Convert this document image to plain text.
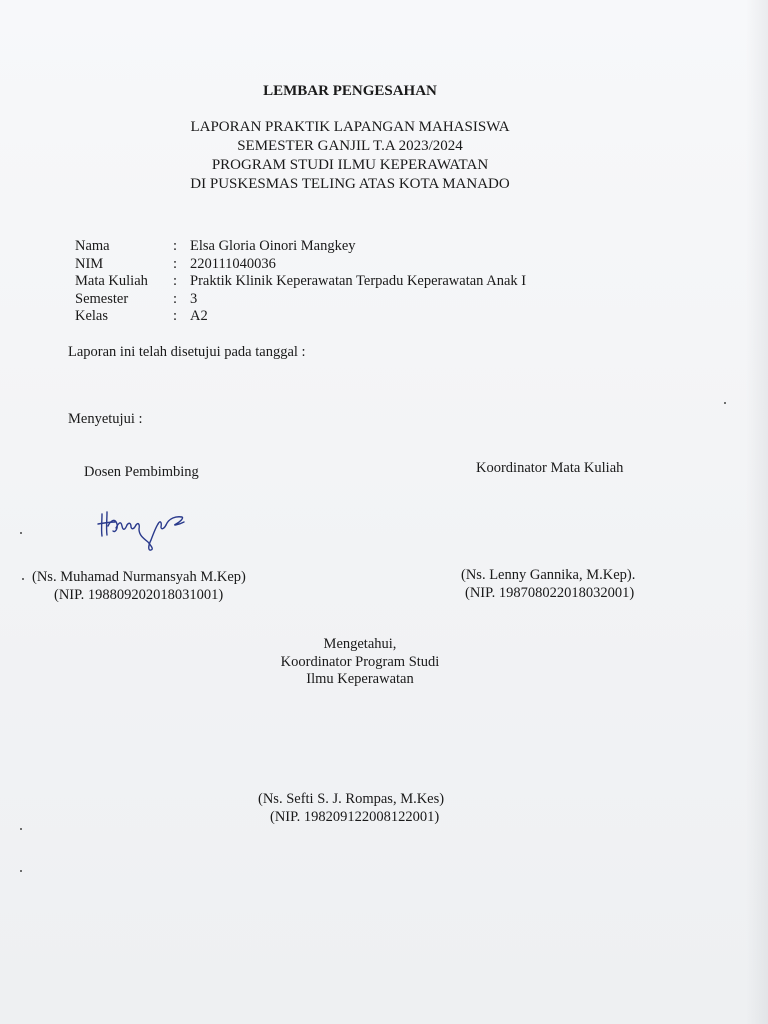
LEMBAR PENGESAHAN
LAPORAN PRAKTIK LAPANGAN MAHASISWA
SEMESTER GANJIL T.A 2023/2024
PROGRAM STUDI ILMU KEPERAWATAN
DI PUSKESMAS TELING ATAS KOTA MANADO
Nama	: Elsa Gloria Oinori Mangkey
NIM	: 220111040036
Mata Kuliah	: Praktik Klinik Keperawatan Terpadu Keperawatan Anak I
Semester	: 3
Kelas	: A2
Laporan ini telah disetujui pada tanggal :
Menyetujui :
Dosen Pembimbing	Koordinator Mata Kuliah
(Ns. Muhamad Nurmansyah M.Kep)
(NIP. 198809202018031001)
(Ns. Lenny Gannika, M.Kep).
(NIP. 198708022018032001)
Mengetahui,
Koordinator Program Studi
Ilmu Keperawatan
(Ns. Sefti S. J. Rompas, M.Kes)
(NIP. 198209122008122001)
